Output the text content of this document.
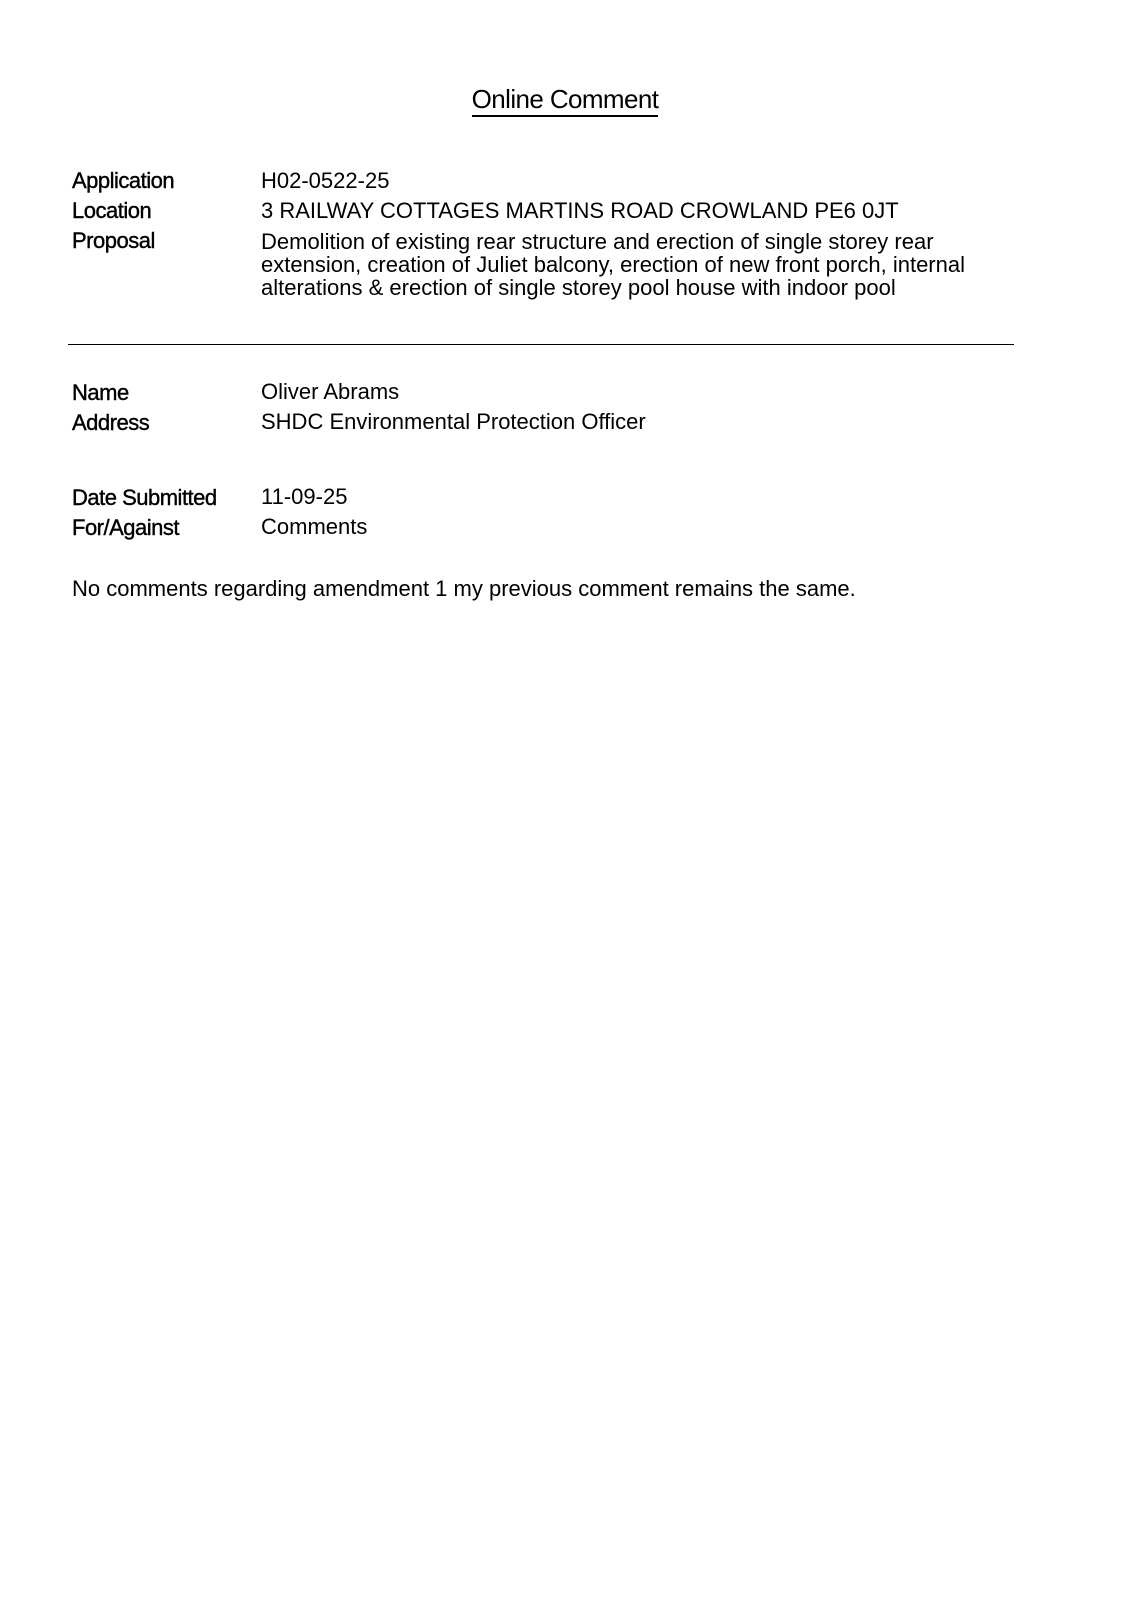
Online Comment
Application	H02-0522-25
Location	3 RAILWAY COTTAGES MARTINS ROAD CROWLAND PE6 0JT
Proposal	Demolition of existing rear structure and erection of single storey rear
extension, creation of Juliet balcony, erection of new front porch, internal
alterations & erection of single storey pool house with indoor pool
Name	Oliver Abrams
Address	SHDC Environmental Protection Officer
Date Submitted 11-09-25
For/Against	Comments
No comments regarding amendment 1 my previous comment remains the same.
